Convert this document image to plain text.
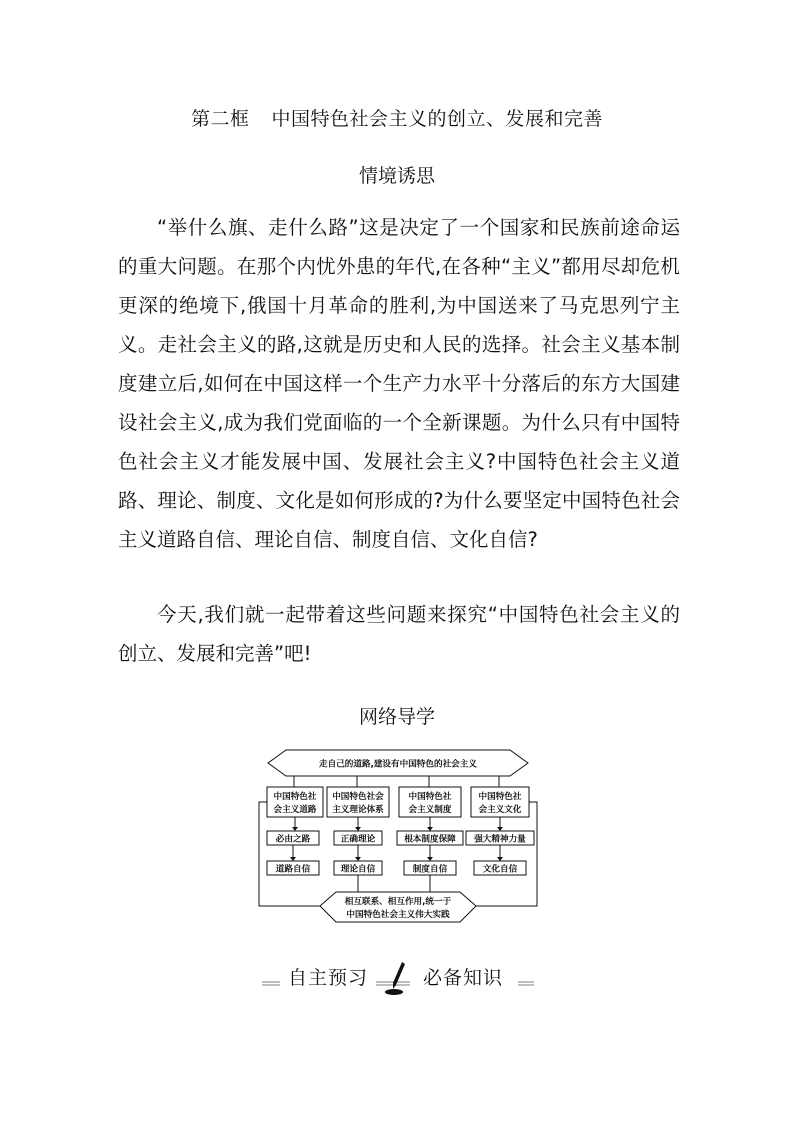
第二框 中国特色社会主义的创立、发展和完善
情境诱思

“举什么旗、走什么路”这是决定了一个国家和民族前途命运的重大问题。在那个内忧外患的年代,在各种“主义”都用尽却危机更深的绝境下,俄国十月革命的胜利,为中国送来了马克思列宁主义。走社会主义的路,这就是历史和人民的选择。社会主义基本制度建立后,如何在中国这样一个生产力水平十分落后的东方大国建设社会主义,成为我们党面临的一个全新课题。为什么只有中国特色社会主义才能发展中国、发展社会主义?中国特色社会主义道路、理论、制度、文化是如何形成的?为什么要坚定中国特色社会主义道路自信、理论自信、制度自信、文化自信?

今天,我们就一起带着这些问题来探究“中国特色社会主义的创立、发展和完善”吧!

网络导学
走自己的道路,建设有中国特色的社会主义
中国特色社
会主义道路
必由之路
道路自信
中国特色社会
主义理论体系
正确理论
理论自信
中国特色社
会主义制度
根本制度保障
制度自信
中国特色社
会主义文化
强大精神力量
文化自信
相互联系、相互作用,统一于
中国特色社会主义伟大实践
自主预习	必备知识
